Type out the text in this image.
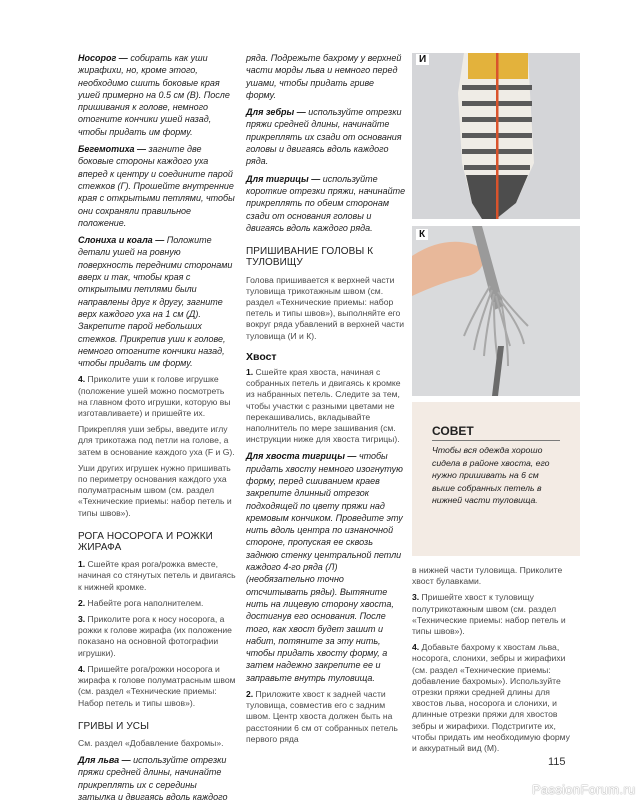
Носорог — собирать как уши жирафихи, но, кроме этого, необходимо сшить боковые края ушей примерно на 0.5 см (В). После пришивания к голове, немного отогните кончики ушей назад, чтобы придать им форму.

Бегемотиха — загните две боковые стороны каждого уха вперед к центру и соедините парой стежков (Г). Прошейте внутренние края с открытыми петлями, чтобы они сохраняли правильное положение.

Слониха и коала — Положите детали ушей на ровную поверхность передними сторонами вверх и так, чтобы края с открытыми петлями были направлены друг к другу, загните верх каждого уха на 1 см (Д). Закрепите парой небольших стежков. Прикрепив уши к голове, немного отогните кончики назад, чтобы придать им форму.

4. Приколите уши к голове игрушке (положение ушей можно посмотреть на главном фото игрушки, которую вы изготавливаете) и пришейте их.

Прикрепляя уши зебры, введите иглу для трикотажа под петли на голове, а затем в основание каждого уха (F и G).

Уши других игрушек нужно пришивать по периметру основания каждого уха полуматрасным швом (см. раздел «Технические приемы: набор петель и типы швов»).

РОГА НОСОРОГА И РОЖКИ ЖИРАФА

1. Сшейте края рога/рожка вместе, начиная со стянутых петель и двигаясь к нижней кромке.

2. Набейте рога наполнителем.

3. Приколите рога к носу носорога, а рожки к голове жирафа (их положение показано на основной фотографии игрушки).

4. Пришейте рога/рожки носорога и жирафа к голове полуматрасным швом (см. раздел «Технические приемы: Набор петель и типы швов»).

ГРИВЫ И УСЫ

См. раздел «Добавление бахромы».

Для льва — используйте отрезки пряжи средней длины, начинайте прикреплять их с середины затылка и двигаясь вдоль каждого

ряда. Подрежьте бахрому у верхней части морды льва и немного перед ушами, чтобы придать гриве форму.

Для зебры — используйте отрезки пряжи средней длины, начинайте прикреплять их сзади от основания головы и двигаясь вдоль каждого ряда.

Для тигрицы — используйте короткие отрезки пряжи, начинайте прикреплять по обеим сторонам сзади от основания головы и двигаясь вдоль каждого ряда.

ПРИШИВАНИЕ ГОЛОВЫ К ТУЛОВИЩУ

Голова пришивается к верхней части туловища трикотажным швом (см. раздел «Технические приемы: набор петель и типы швов»), выполняйте его вокруг ряда убавлений в верхней части туловища (И и К).

Хвост

1. Сшейте края хвоста, начиная с собранных петель и двигаясь к кромке из набранных петель. Следите за тем, чтобы участки с разными цветами не перекашивались, вкладывайте наполнитель по мере зашивания (см. инструкции ниже для хвоста тигрицы).

Для хвоста тигрицы — чтобы придать хвосту немного изогнутую форму, перед сшиванием краев закрепите длинный отрезок подходящей по цвету пряжи над кремовым кончиком. Проведите эту нить вдоль центра по изнаночной стороне, пропуская ее сквозь заднюю стенку центральной петли каждого 4-го ряда (Л) (необязательно точно отсчитывать ряды). Вытяните нить на лицевую сторону хвоста, достигнув его основания. После того, как хвост будет зашит и набит, потяните за эту нить, чтобы придать хвосту форму, а затем надежно закрепите ее и заправьте внутрь туловища.

2. Приложите хвост к задней части туловища, совместив его с задним швом. Центр хвоста должен быть на расстоянии 6 см от собранных петель первого ряда

И
К
СОВЕТ
Чтобы вся одежда хорошо сидела в районе хвоста, его нужно пришивать на 6 см выше собранных петель в нижней части туловища.

в нижней части туловища. Приколите хвост булавками.

3. Пришейте хвост к туловищу полутрикотажным швом (см. раздел «Технические приемы: набор петель и типы швов»).

4. Добавьте бахрому к хвостам льва, носорога, слонихи, зебры и жирафихи (см. раздел «Технические приемы: добавление бахромы»). Используйте отрезки пряжи средней длины для хвостов льва, носорога и слонихи, и длинные отрезки пряжи для хвостов зебры и жирафихи. Подстригите их, чтобы придать им необходимую форму и аккуратный вид (М).

115
PassionForum.ru
